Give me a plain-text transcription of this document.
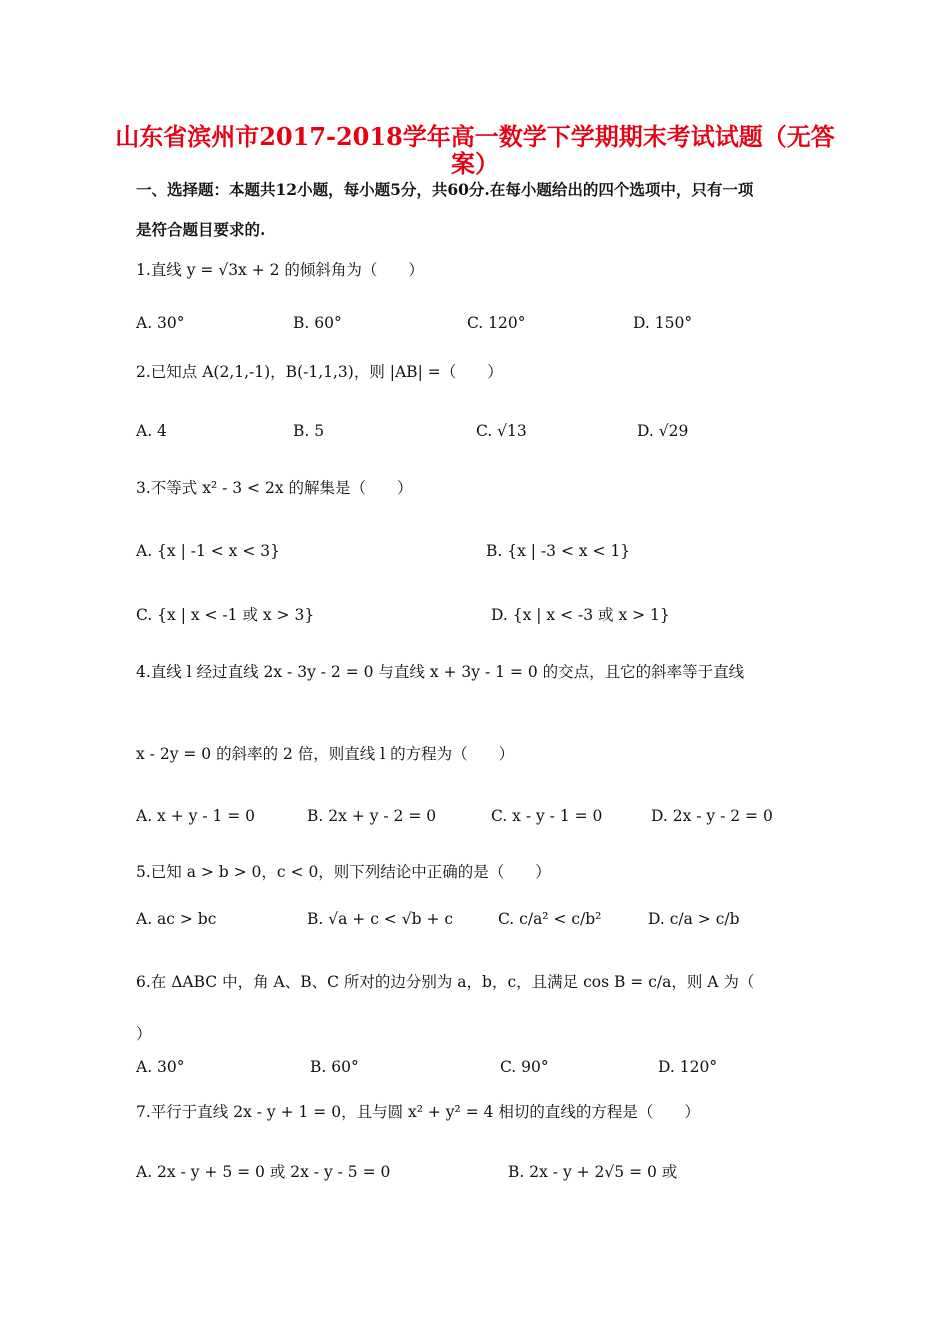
山东省滨州市2017-2018学年高一数学下学期期末考试试题（无答
案）
一、选择题：本题共12小题，每小题5分，共60分.在每小题给出的四个选项中，只有一项
是符合题目要求的.
1.直线 y = √3x + 2 的倾斜角为（　　）
A. 30°	B. 60°	C. 120°	D. 150°
2.已知点 A(2,1,-1)，B(-1,1,3)，则 |AB| =（　　）
A. 4	B. 5	C. √13	D. √29
3.不等式 x² - 3 < 2x 的解集是（　　）
A. {x | -1 < x < 3}	B. {x | -3 < x < 1}
C. {x | x < -1 或 x > 3}	D. {x | x < -3 或 x > 1}
4.直线 l 经过直线 2x - 3y - 2 = 0 与直线 x + 3y - 1 = 0 的交点，且它的斜率等于直线
x - 2y = 0 的斜率的 2 倍，则直线 l 的方程为（　　）
A. x + y - 1 = 0	B. 2x + y - 2 = 0	C. x - y - 1 = 0	D. 2x - y - 2 = 0
5.已知 a > b > 0，c < 0，则下列结论中正确的是（　　）
A. ac > bc	B. √a + c < √b + c	C. c/a² < c/b²	D. c/a > c/b
6.在 ΔABC 中，角 A、B、C 所对的边分别为 a，b，c，且满足 cos B = c/a，则 A 为（
）
A. 30°	B. 60°	C. 90°	D. 120°
7.平行于直线 2x - y + 1 = 0，且与圆 x² + y² = 4 相切的直线的方程是（　　）
A. 2x - y + 5 = 0 或 2x - y - 5 = 0	B. 2x - y + 2√5 = 0 或
